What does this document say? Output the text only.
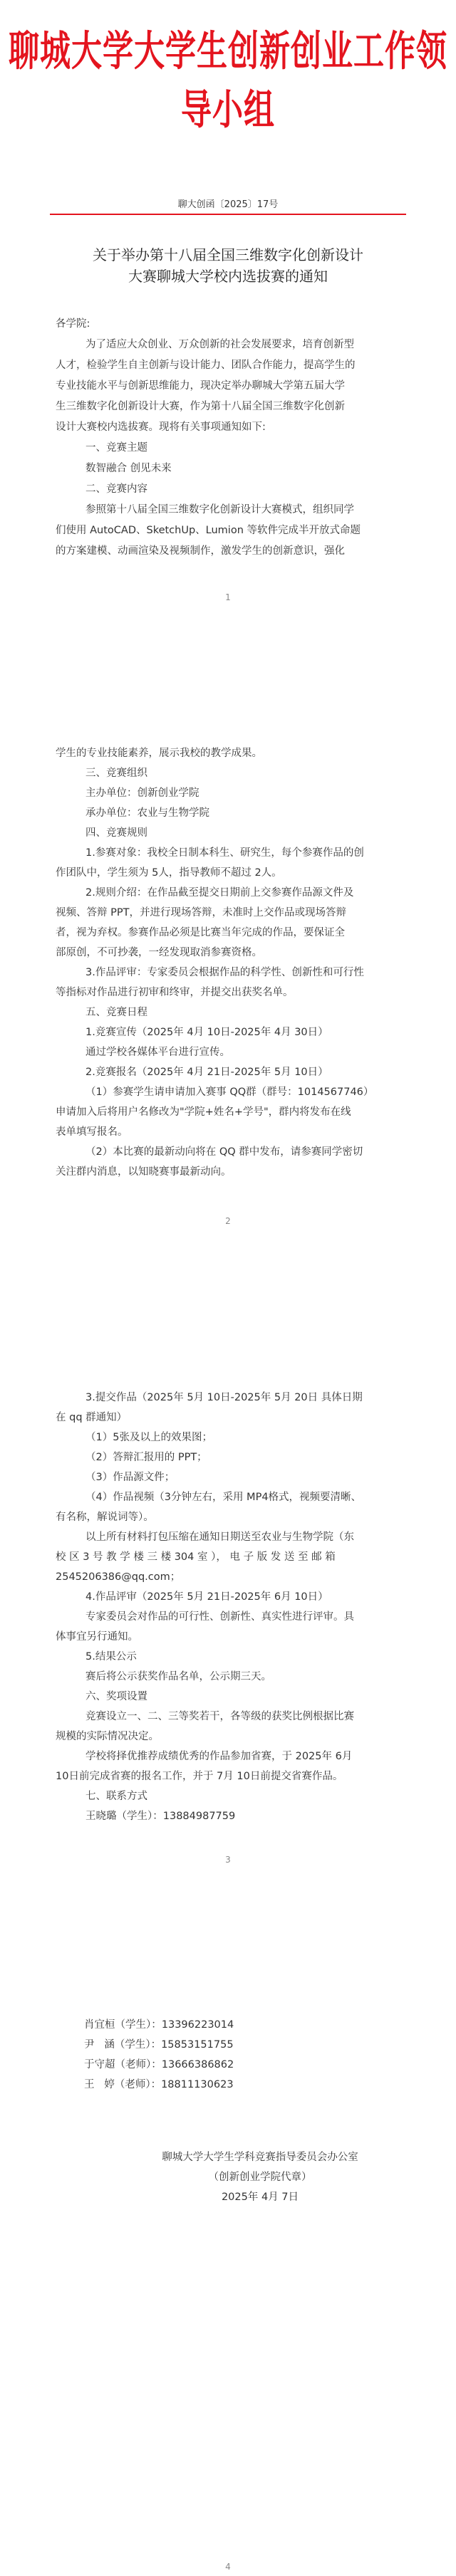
聊城大学大学生创新创业工作领导小组
聊大创函〔2025〕17号
关于举办第十八届全国三维数字化创新设计
大赛聊城大学校内选拔赛的通知
各学院:
为了适应大众创业、万众创新的社会发展要求，培育创新型
人才，检验学生自主创新与设计能力、团队合作能力，提高学生的
专业技能水平与创新思维能力，现决定举办聊城大学第五届大学
生三维数字化创新设计大赛，作为第十八届全国三维数字化创新
设计大赛校内选拔赛。现将有关事项通知如下:
一、竞赛主题
数智融合 创见未来
二、竞赛内容
参照第十八届全国三维数字化创新设计大赛模式，组织同学
们使用 AutoCAD、SketchUp、Lumion 等软件完成半开放式命题
的方案建模、动画渲染及视频制作，激发学生的创新意识，强化
1
学生的专业技能素养，展示我校的教学成果。
三、竞赛组织
主办单位：创新创业学院
承办单位：农业与生物学院
四、竞赛规则
1.参赛对象：我校全日制本科生、研究生，每个参赛作品的创
作团队中，学生须为 5人，指导教师不超过 2人。
2.规则介绍：在作品截至提交日期前上交参赛作品源文件及
视频、答辩 PPT，并进行现场答辩，未准时上交作品或现场答辩
者，视为弃权。参赛作品必须是比赛当年完成的作品，要保证全
部原创，不可抄袭，一经发现取消参赛资格。
3.作品评审：专家委员会根据作品的科学性、创新性和可行性
等指标对作品进行初审和终审，并提交出获奖名单。
五、竞赛日程
1.竞赛宣传（2025年 4月 10日-2025年 4月 30日）
通过学校各媒体平台进行宣传。
2.竞赛报名（2025年 4月 21日-2025年 5月 10日）
（1）参赛学生请申请加入赛事 QQ群（群号：1014567746）
申请加入后将用户名修改为"学院+姓名+学号"，群内将发布在线
表单填写报名。
（2）本比赛的最新动向将在 QQ 群中发布，请参赛同学密切
关注群内消息，以知晓赛事最新动向。
2
3.提交作品（2025年 5月 10日-2025年 5月 20日 具体日期
在 qq 群通知）
（1）5张及以上的效果图；
（2）答辩汇报用的 PPT；
（3）作品源文件；
（4）作品视频（3分钟左右，采用 MP4格式，视频要清晰、
有名称，解说词等）。
以上所有材料打包压缩在通知日期送至农业与生物学院（东
校 区 3 号 教 学 楼 三 楼 304 室 ）， 电 子 版 发 送 至 邮 箱
2545206386@qq.com；
4.作品评审（2025年 5月 21日-2025年 6月 10日）
专家委员会对作品的可行性、创新性、真实性进行评审。具
体事宜另行通知。
5.结果公示
赛后将公示获奖作品名单，公示期三天。
六、奖项设置
竞赛设立一、二、三等奖若干，各等级的获奖比例根据比赛
规模的实际情况决定。
学校将择优推荐成绩优秀的作品参加省赛，于 2025年 6月
10日前完成省赛的报名工作，并于 7月 10日前提交省赛作品。
七、联系方式
王晓璐（学生）：13884987759
3
肖宜桓（学生）：13396223014
尹   涵（学生）：15853151755
于守超（老师）：13666386862
王   婷（老师）：18811130623
聊城大学大学生学科竞赛指导委员会办公室
（创新创业学院代章）
2025年 4月 7日
4
